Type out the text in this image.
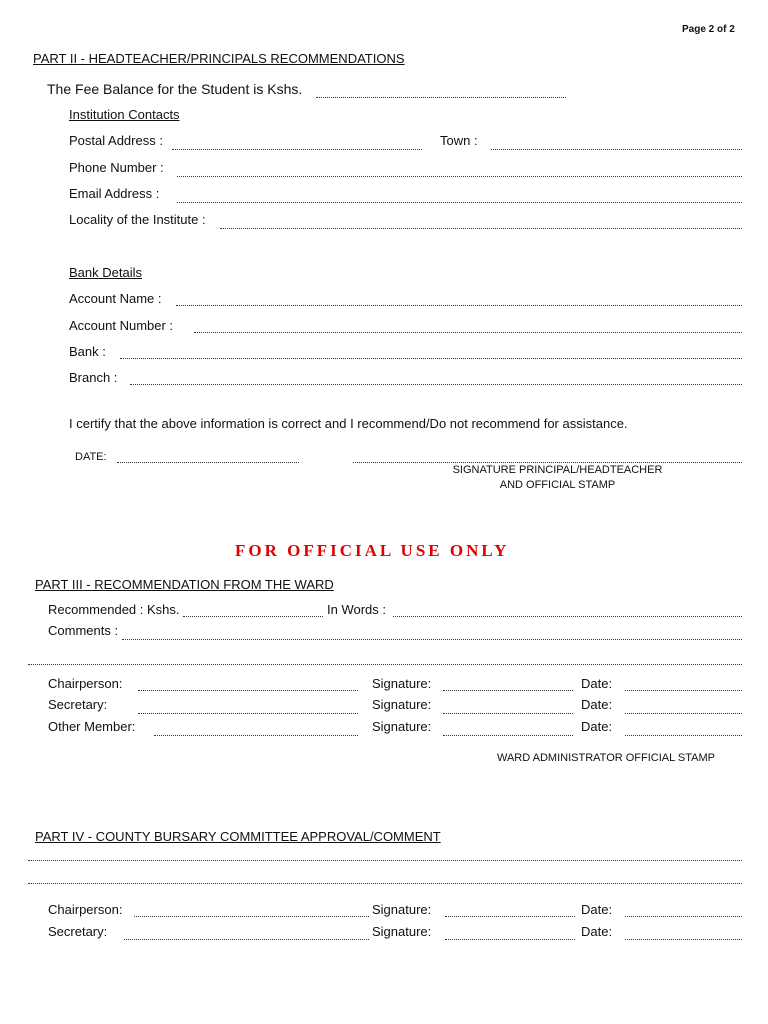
Page 2 of 2
PART II - HEADTEACHER/PRINCIPALS RECOMMENDATIONS
The Fee Balance for the Student is Kshs.
Institution Contacts
Postal Address :	Town :
Phone Number :
Email Address :
Locality of the Institute :
Bank Details
Account Name :
Account Number :
Bank :
Branch :
I certify that the above information is correct and I recommend/Do not recommend for assistance.
DATE:
SIGNATURE PRINCIPAL/HEADTEACHER
AND OFFICIAL STAMP
FOR OFFICIAL USE ONLY
PART III - RECOMMENDATION FROM THE WARD
Recommended : Kshs.	In Words :
Comments :
Chairperson:	Signature:	Date:
Secretary:	Signature:	Date:
Other Member:	Signature:	Date:
WARD ADMINISTRATOR OFFICIAL STAMP
PART IV - COUNTY BURSARY COMMITTEE APPROVAL/COMMENT
Chairperson:	Signature:	Date:
Secretary:	Signature:	Date:
